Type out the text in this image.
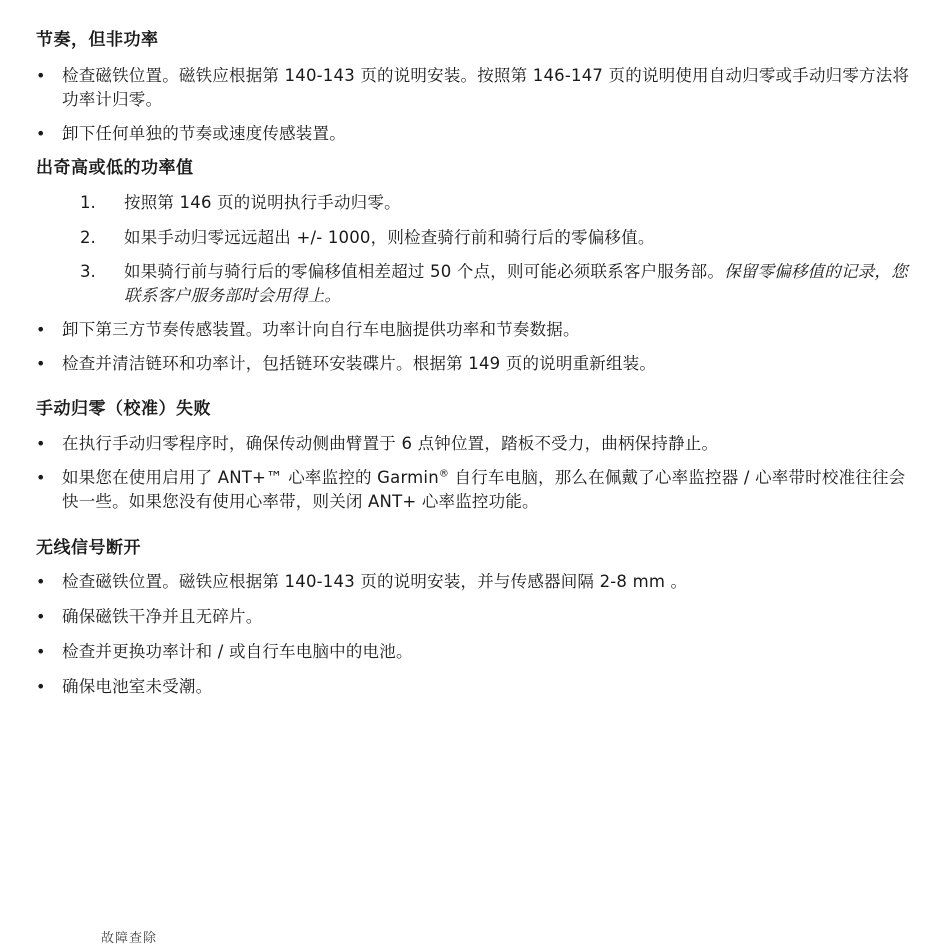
节奏，但非功率
•	检查磁铁位置。磁铁应根据第 140-143 页的说明安装。按照第 146-147 页的说明使用自动归零或手动归零方法将功率计归零。
•	卸下任何单独的节奏或速度传感装置。
出奇高或低的功率值
1.	按照第 146 页的说明执行手动归零。
2.	如果手动归零远远超出 +/- 1000，则检查骑行前和骑行后的零偏移值。
3.	如果骑行前与骑行后的零偏移值相差超过 50 个点，则可能必须联系客户服务部。保留零偏移值的记录，您联系客户服务部时会用得上。
•	卸下第三方节奏传感装置。功率计向自行车电脑提供功率和节奏数据。
•	检查并清洁链环和功率计，包括链环安装碟片。根据第 149 页的说明重新组装。
手动归零（校准）失败
•	在执行手动归零程序时，确保传动侧曲臂置于 6 点钟位置，踏板不受力，曲柄保持静止。
•	如果您在使用启用了 ANT+™ 心率监控的 Garmin® 自行车电脑，那么在佩戴了心率监控器 / 心率带时校准往往会快一些。如果您没有使用心率带，则关闭 ANT+ 心率监控功能。
无线信号断开
•	检查磁铁位置。磁铁应根据第 140-143 页的说明安装，并与传感器间隔 2-8 mm 。
•	确保磁铁干净并且无碎片。
•	检查并更换功率计和 / 或自行车电脑中的电池。
•	确保电池室未受潮。
故障查除
